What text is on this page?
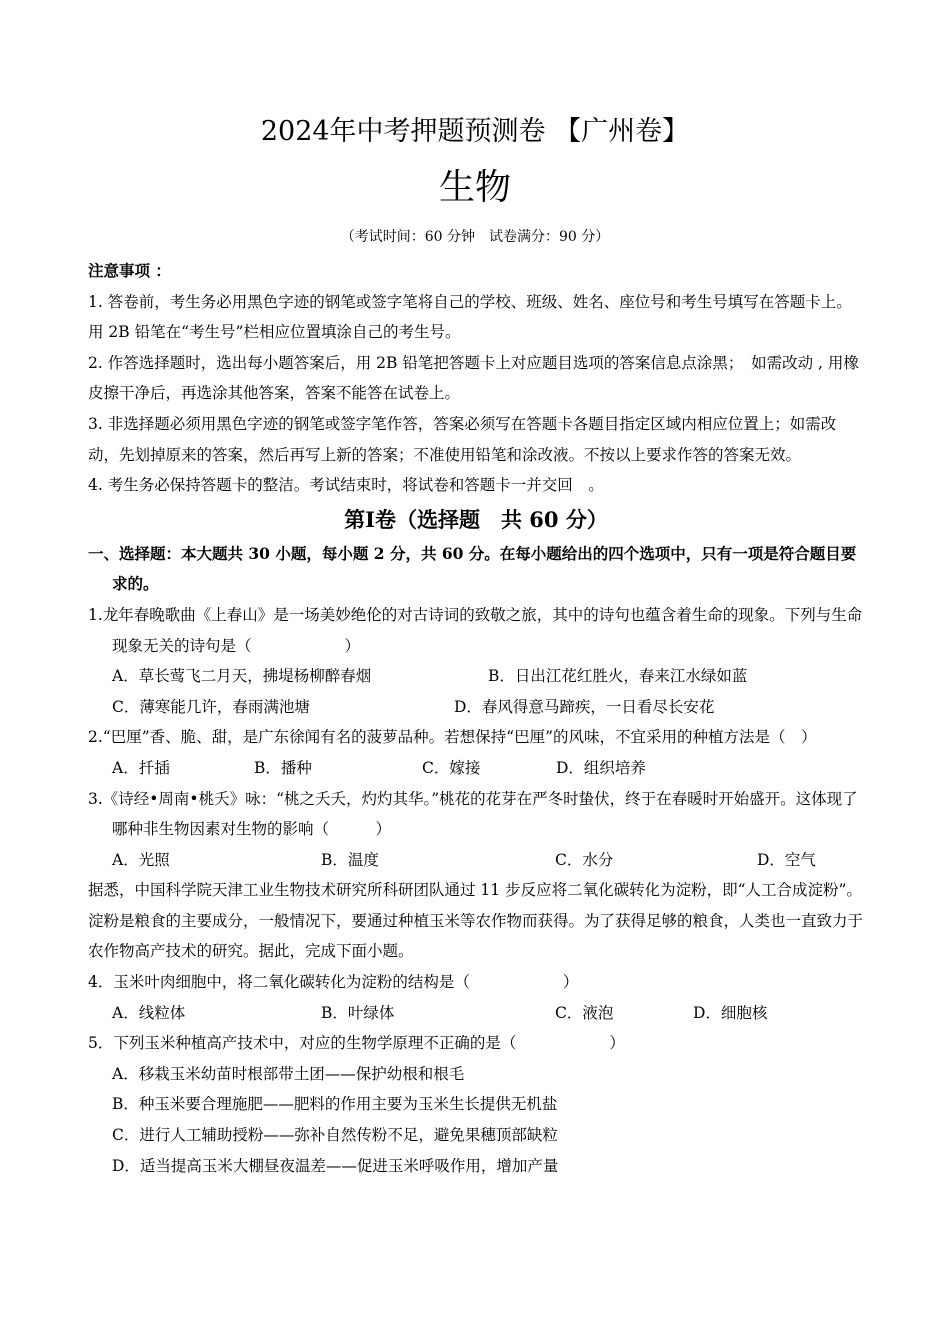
2024年中考押题预测卷 【广州卷】
生物
（考试时间：60 分钟　试卷满分：90 分）

注意事项 ：

1. 答卷前，考生务必用黑色字迹的钢笔或签字笔将自己的学校、班级、姓名、座位号和考生号填写在答题卡上。用 2B 铅笔在“考生号”栏相应位置填涂自己的考生号。

2. 作答选择题时，选出每小题答案后，用 2B 铅笔把答题卡上对应题目选项的答案信息点涂黑；　如需改动 , 用橡皮擦干净后，再选涂其他答案，答案不能答在试卷上。

3. 非选择题必须用黑色字迹的钢笔或签字笔作答，答案必须写在答题卡各题目指定区域内相应位置上；如需改动，先划掉原来的答案，然后再写上新的答案；不准使用铅笔和涂改液。不按以上要求作答的答案无效。

4. 考生务必保持答题卡的整洁。考试结束时，将试卷和答题卡一并交回　。

第Ⅰ卷（选择题　共 60 分）

一、选择题：本大题共 30 小题，每小题 2 分，共 60 分。在每小题给出的四个选项中，只有一项是符合题目要求的。

1.龙年春晚歌曲《上春山》是一场美妙绝伦的对古诗词的致敬之旅，其中的诗句也蕴含着生命的现象。下列与生命现象无关的诗句是（　　　　　　）

A．草长莺飞二月天，拂堤杨柳醉春烟	B．日出江花红胜火，春来江水绿如蓝
C．薄寒能几许，春雨满池塘	D．春风得意马蹄疾，一日看尽长安花

2.“巴厘”香、脆、甜，是广东徐闻有名的菠萝品种。若想保持“巴厘”的风味，不宜采用的种植方法是（　）

A．扦插	B．播种	C．嫁接	D．组织培养

3.《诗经•周南•桃夭》咏：“桃之夭夭，灼灼其华。”桃花的花芽在严冬时蛰伏，终于在春暖时开始盛开。这体现了哪种非生物因素对生物的影响（　　　）

A．光照	B．温度	C．水分	D．空气

据悉，中国科学院天津工业生物技术研究所科研团队通过 11 步反应将二氧化碳转化为淀粉，即“人工合成淀粉”。淀粉是粮食的主要成分，一般情况下，要通过种植玉米等农作物而获得。为了获得足够的粮食，人类也一直致力于农作物高产技术的研究。据此，完成下面小题。

4．玉米叶肉细胞中，将二氧化碳转化为淀粉的结构是（　　　　　　）

A．线粒体	B．叶绿体	C．液泡	D．细胞核

5．下列玉米种植高产技术中，对应的生物学原理不正确的是（　　　　　　）

A．移栽玉米幼苗时根部带土团——保护幼根和根毛

B．种玉米要合理施肥——肥料的作用主要为玉米生长提供无机盐

C．进行人工辅助授粉——弥补自然传粉不足，避免果穗顶部缺粒

D．适当提高玉米大棚昼夜温差——促进玉米呼吸作用，增加产量
